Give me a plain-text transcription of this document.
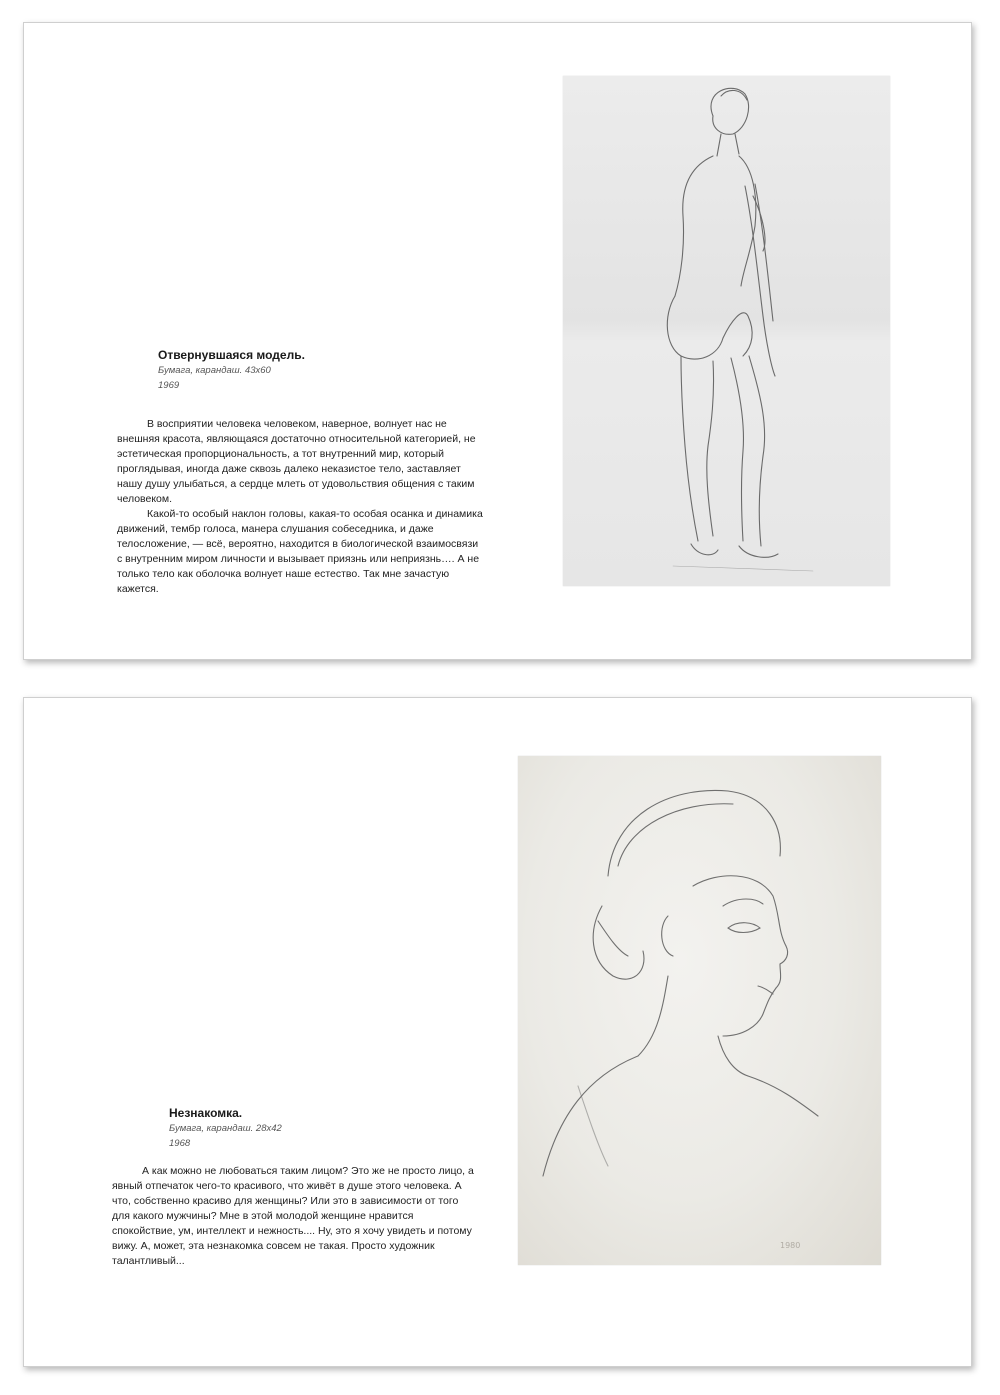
Отвернувшаяся модель.
Бумага, карандаш. 43х60
1969

В восприятии человека человеком, наверное, волнует нас не внешняя красота, являющаяся достаточно относительной категорией, не эстетическая пропорциональность, а тот внутренний мир, который проглядывая, иногда даже сквозь далеко неказистое тело, заставляет нашу душу улыбаться, а сердце млеть от удовольствия общения с таким человеком.

Какой-то особый наклон головы, какая-то особая осанка и динамика движений, тембр голоса, манера слушания собеседника, и даже телосложение, — всё, вероятно, находится в биологической взаимосвязи с внутренним миром личности и вызывает приязнь или неприязнь…. А не только тело как оболочка волнует наше естество. Так мне зачастую кажется.

Незнакомка.
Бумага, карандаш. 28х42
1968

А как можно не любоваться таким лицом? Это же не просто лицо, а явный отпечаток чего-то красивого, что живёт в душе этого человека. А что, собственно красиво для женщины? Или это в зависимости от того для какого мужчины? Мне в этой молодой женщине нравится спокойствие, ум, интеллект и нежность.... Ну, это я хочу увидеть и потому вижу. А, может, эта незнакомка совсем не такая. Просто художник талантливый...

1980
